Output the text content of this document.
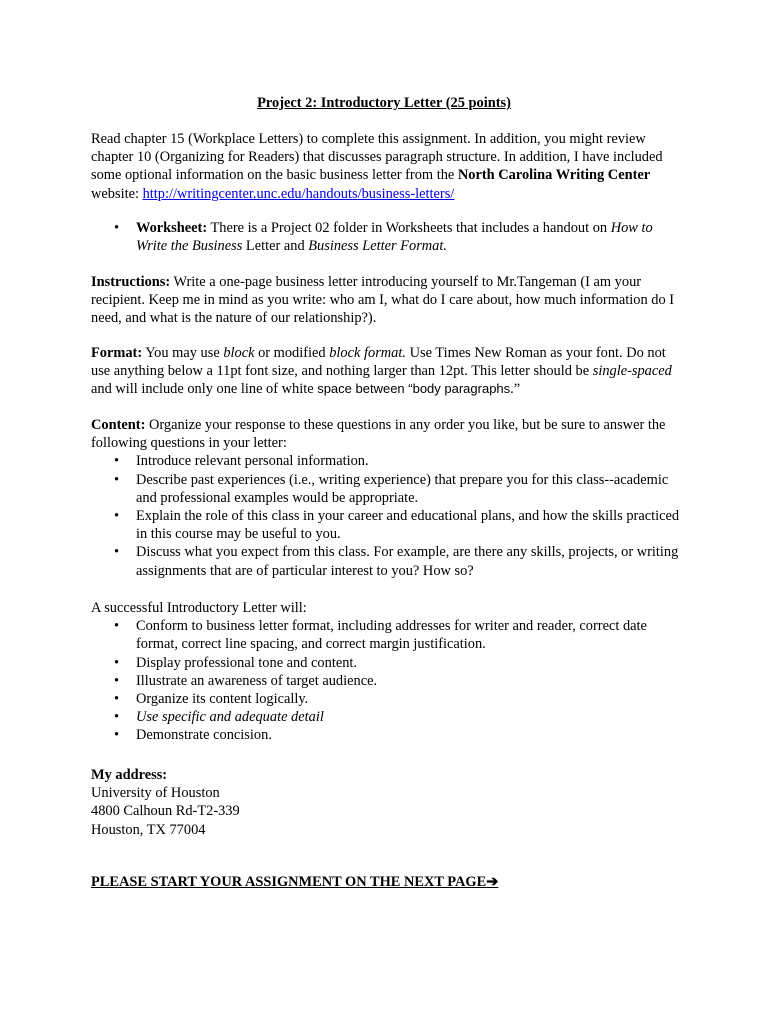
Project 2: Introductory Letter (25 points)

Read chapter 15 (Workplace Letters) to complete this assignment. In addition, you might review chapter 10 (Organizing for Readers) that discusses paragraph structure. In addition, I have included some optional information on the basic business letter from the North Carolina Writing Center website: http://writingcenter.unc.edu/handouts/business-letters/

• Worksheet: There is a Project 02 folder in Worksheets that includes a handout on How to Write the Business Letter and Business Letter Format.

Instructions: Write a one-page business letter introducing yourself to Mr.Tangeman (I am your recipient. Keep me in mind as you write: who am I, what do I care about, how much information do I need, and what is the nature of our relationship?).

Format: You may use block or modified block format. Use Times New Roman as your font. Do not use anything below a 11pt font size, and nothing larger than 12pt. This letter should be single-spaced and will include only one line of white space between “body paragraphs.”

Content: Organize your response to these questions in any order you like, but be sure to answer the following questions in your letter:

• Introduce relevant personal information.
• Describe past experiences (i.e., writing experience) that prepare you for this class--academic and professional examples would be appropriate.
• Explain the role of this class in your career and educational plans, and how the skills practiced in this course may be useful to you.
• Discuss what you expect from this class. For example, are there any skills, projects, or writing assignments that are of particular interest to you? How so?

A successful Introductory Letter will:

• Conform to business letter format, including addresses for writer and reader, correct date format, correct line spacing, and correct margin justification.
• Display professional tone and content.
• Illustrate an awareness of target audience.
• Organize its content logically.
• Use specific and adequate detail
• Demonstrate concision.

My address:

University of Houston

4800 Calhoun Rd-T2-339

Houston, TX 77004

PLEASE START YOUR ASSIGNMENT ON THE NEXT PAGE➔
